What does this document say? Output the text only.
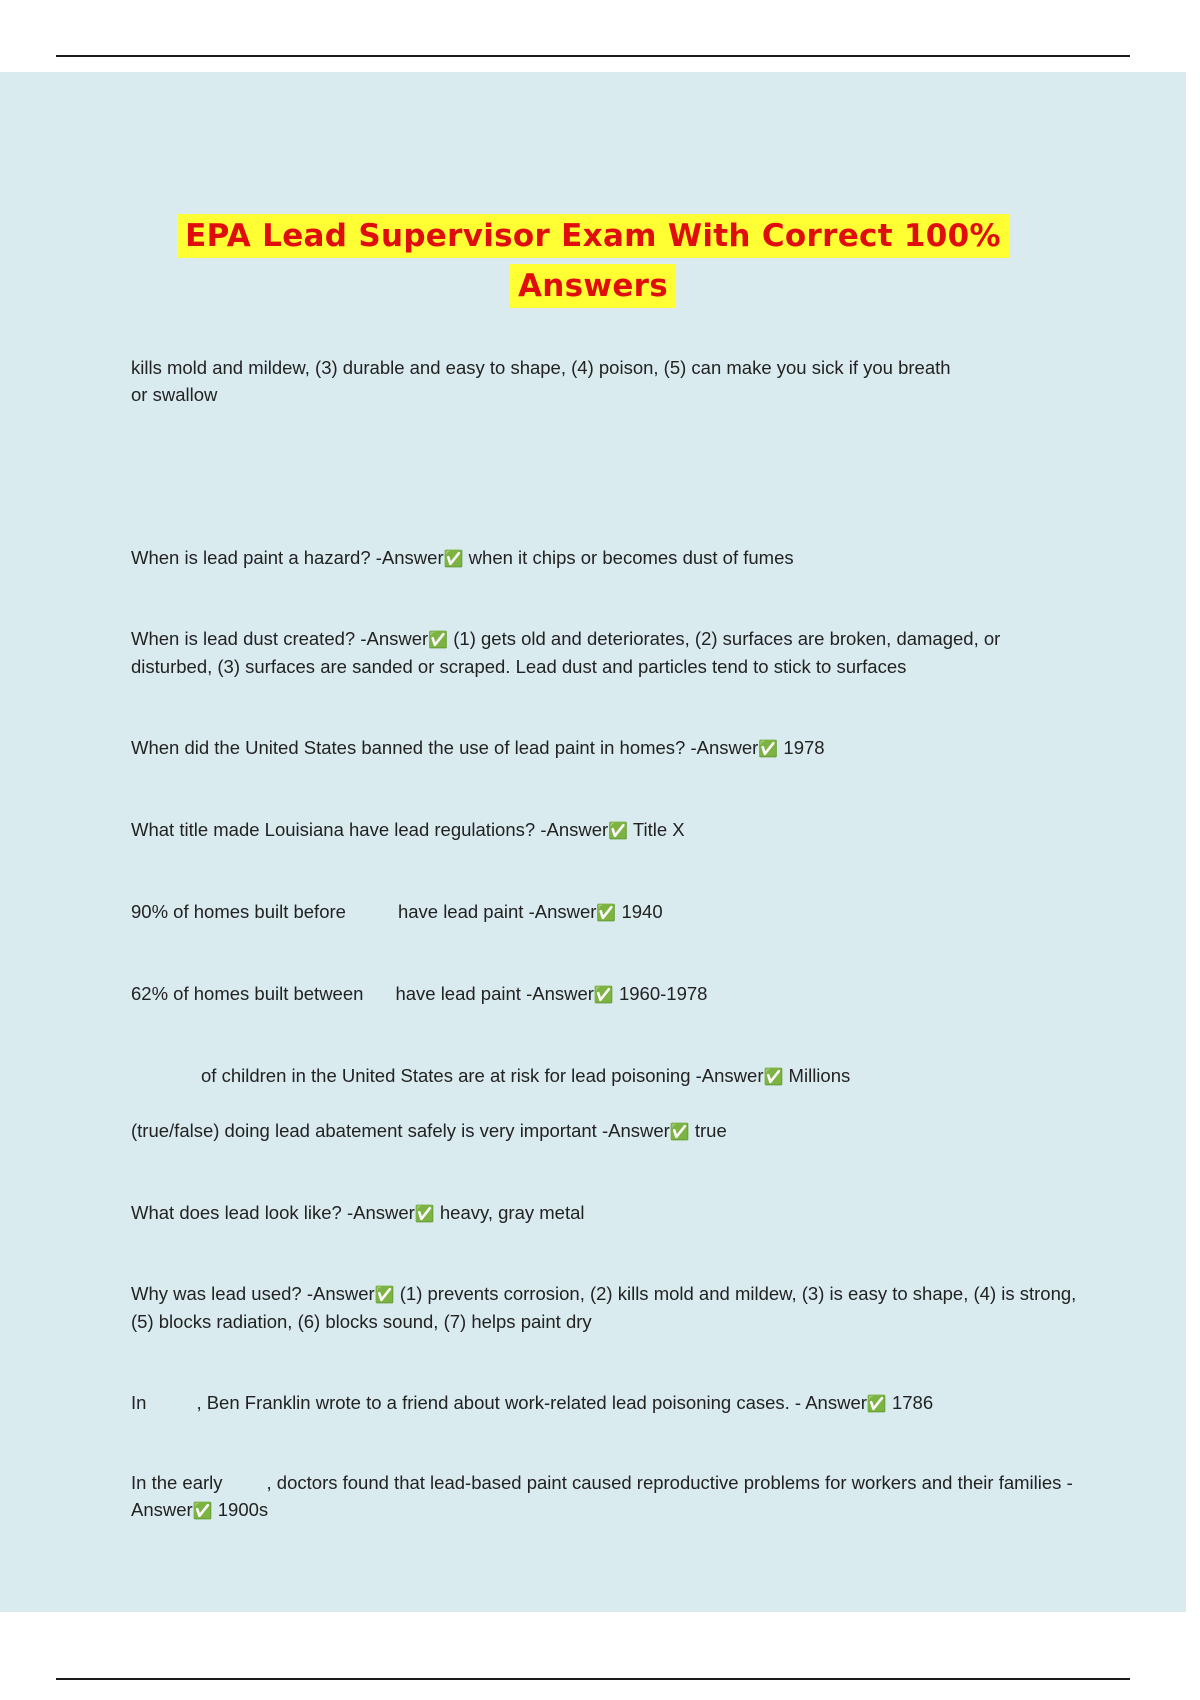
EPA Lead Supervisor Exam With Correct 100%
Answers
kills mold and mildew, (3) durable and easy to shape, (4) poison, (5) can make you sick if you breath or swallow
When is lead paint a hazard? -Answer✅ when it chips or becomes dust of fumes
When is lead dust created? -Answer✅ (1) gets old and deteriorates, (2) surfaces are broken, damaged, or disturbed, (3) surfaces are sanded or scraped. Lead dust and particles tend to stick to surfaces
When did the United States banned the use of lead paint in homes? -Answer✅ 1978
What title made Louisiana have lead regulations? -Answer✅ Title X
90% of homes built before	have lead paint -Answer✅ 1940
62% of homes built between have lead paint -Answer✅ 1960-1978
of children in the United States are at risk for lead poisoning -Answer✅ Millions
(true/false) doing lead abatement safely is very important -Answer✅ true
What does lead look like? -Answer✅ heavy, gray metal
Why was lead used? -Answer✅ (1) prevents corrosion, (2) kills mold and mildew, (3) is easy to shape, (4) is strong, (5) blocks radiation, (6) blocks sound, (7) helps paint dry
In	, Ben Franklin wrote to a friend about work-related lead poisoning cases. - Answer✅ 1786
In the early , doctors found that lead-based paint caused reproductive problems for workers and their families -Answer✅ 1900s
